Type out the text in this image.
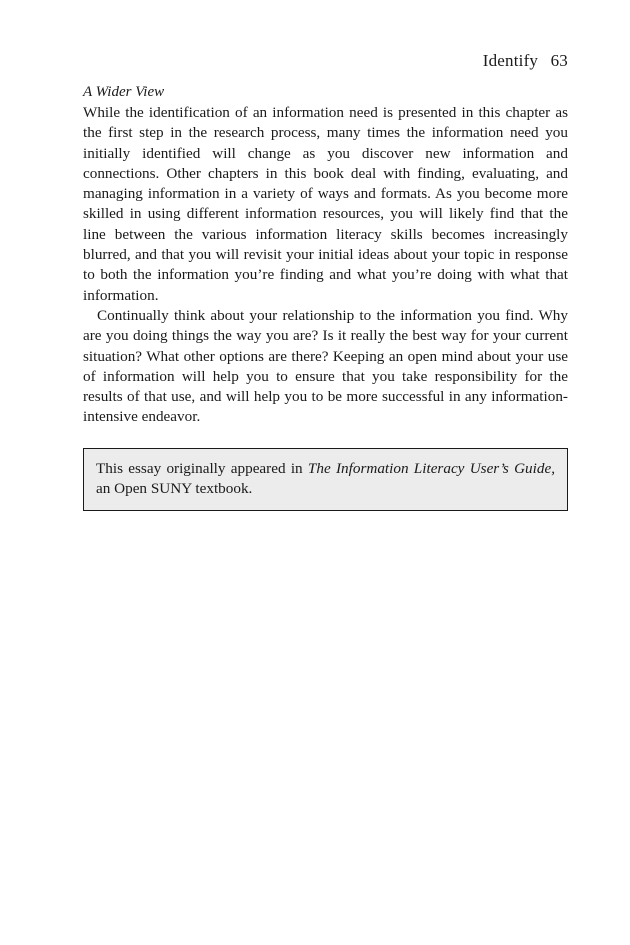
Identify 63
A Wider View

While the identification of an information need is presented in this chapter as the first step in the research process, many times the information need you initially identified will change as you discover new information and connections. Other chapters in this book deal with finding, evaluating, and managing information in a variety of ways and formats. As you become more skilled in using different information resources, you will likely find that the line between the various information literacy skills becomes increasingly blurred, and that you will revisit your initial ideas about your topic in response to both the information you’re finding and what you’re doing with what that information.

Continually think about your relationship to the information you find. Why are you doing things the way you are? Is it really the best way for your current situation? What other options are there? Keeping an open mind about your use of information will help you to ensure that you take responsibility for the results of that use, and will help you to be more successful in any information-intensive endeavor.

This essay originally appeared in The Information Literacy User’s Guide, an Open SUNY textbook.
